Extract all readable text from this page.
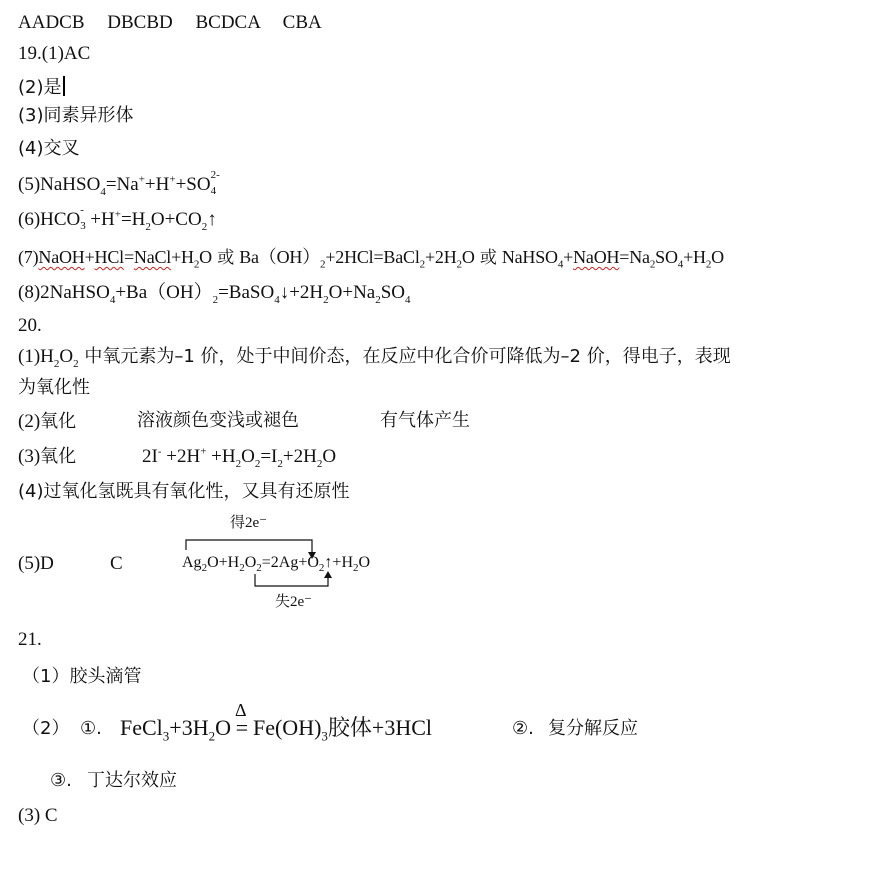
AADCB DBCBD BCDCA CBA
19.(1)AC
(2)是
(3)同素异形体
(4)交叉
(5)NaHSO$_4$=Na++H++SO 2-
4
(6)HCO -
$3 +H^+=H_2O+CO_2↑$
$(7)NaOH+HCl=NaCl+H_2O$ 或 $Ba(OH)_2+2HCl=BaCl_2+2H_2O$ 或 $NaHSO_4+NaOH=Na_2SO_4+H_2O$
$(8)2NaHSO_4+Ba(OH)_2=BaSO_4↓+2H_2O+Na_2SO_4$
20.
$(1)H_2O_2$ 中氧元素为–1 价，处于中间价态，在反应中化合价可降低为–2 价，得电子，表现
为氧化性
(2)氧化	溶液颜色变浅或褪色	有气体产生
(3)氧化	$2I^- +2H^+ +H_2O_2=I_2+2H_2O$
(4)过氧化氢既具有氧化性，又具有还原性
得2e⁻
(5)D	C	$Ag_2O+H_2O_2=2Ag+O_2↑+H_2O$
失2e⁻
21.
（1）胶头滴管
（2） ①. $FeCl_3+3H_2O$
Δ
= $Fe(OH)_3$胶体+3HCl	②. 复分解反应
③. 丁达尔效应
(3) C
